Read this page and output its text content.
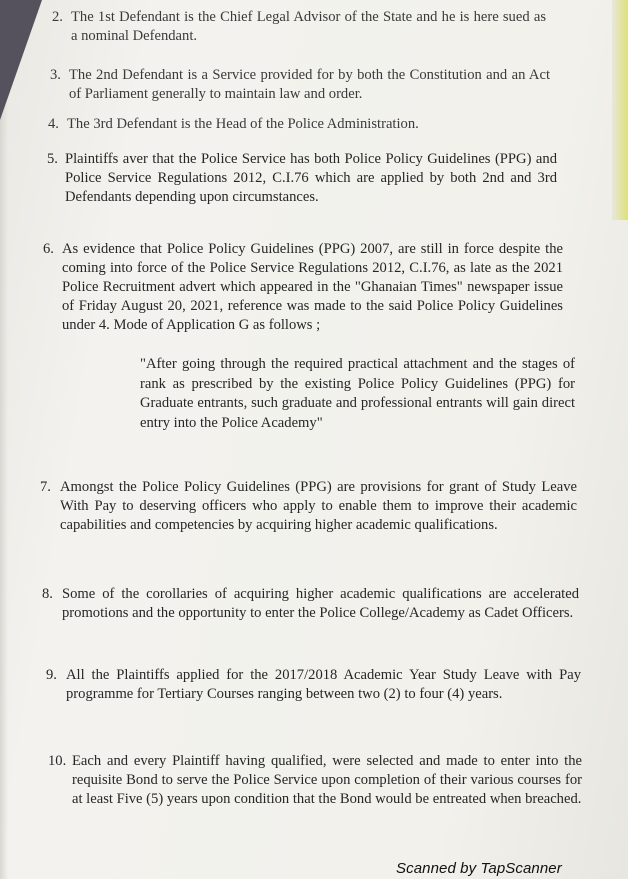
2. The 1st Defendant is the Chief Legal Advisor of the State and he is here sued as a nominal Defendant.

3. The 2nd Defendant is a Service provided for by both the Constitution and an Act of Parliament generally to maintain law and order.

4. The 3rd Defendant is the Head of the Police Administration.

5. Plaintiffs aver that the Police Service has both Police Policy Guidelines (PPG) and Police Service Regulations 2012, C.I.76 which are applied by both 2nd and 3rd Defendants depending upon circumstances.

6. As evidence that Police Policy Guidelines (PPG) 2007, are still in force despite the coming into force of the Police Service Regulations 2012, C.I.76, as late as the 2021 Police Recruitment advert which appeared in the "Ghanaian Times" newspaper issue of Friday August 20, 2021, reference was made to the said Police Policy Guidelines under 4. Mode of Application G as follows ;

"After going through the required practical attachment and the stages of rank as prescribed by the existing Police Policy Guidelines (PPG) for Graduate entrants, such graduate and professional entrants will gain direct entry into the Police Academy"
7. Amongst the Police Policy Guidelines (PPG) are provisions for grant of Study Leave With Pay to deserving officers who apply to enable them to improve their academic capabilities and competencies by acquiring higher academic qualifications.

8. Some of the corollaries of acquiring higher academic qualifications are accelerated promotions and the opportunity to enter the Police College/Academy as Cadet Officers.

9. All the Plaintiffs applied for the 2017/2018 Academic Year Study Leave with Pay programme for Tertiary Courses ranging between two (2) to four (4) years.

10. Each and every Plaintiff having qualified, were selected and made to enter into the requisite Bond to serve the Police Service upon completion of their various courses for at least Five (5) years upon condition that the Bond would be entreated when breached.

Scanned by TapScanner
